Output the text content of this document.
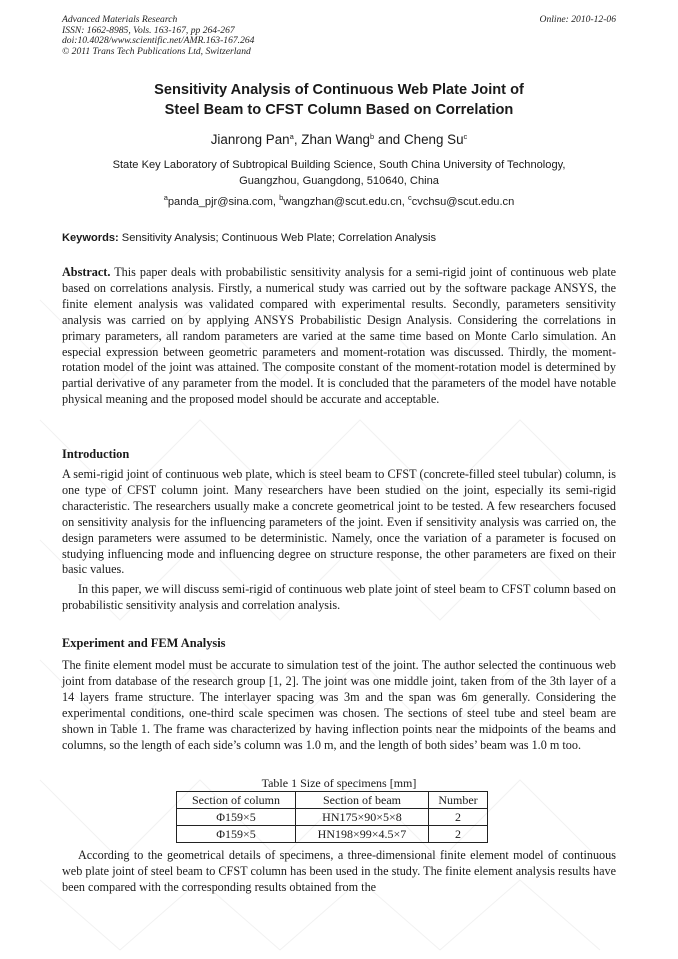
Advanced Materials Research
ISSN: 1662-8985, Vols. 163-167, pp 264-267
doi:10.4028/www.scientific.net/AMR.163-167.264
© 2011 Trans Tech Publications Ltd, Switzerland
Online: 2010-12-06
Sensitivity Analysis of Continuous Web Plate Joint of
Steel Beam to CFST Column Based on Correlation
Jianrong Pan$^a$, Zhan Wang$^b$ and Cheng Su$^c$
State Key Laboratory of Subtropical Building Science, South China University of Technology,
Guangzhou, Guangdong, 510640, China
$^a$panda_pjr@sina.com, $^b$wangzhan@scut.edu.cn, $^c$cvchsu@scut.edu.cn
Keywords: Sensitivity Analysis; Continuous Web Plate; Correlation Analysis

Abstract. This paper deals with probabilistic sensitivity analysis for a semi-rigid joint of continuous web plate based on correlations analysis. Firstly, a numerical study was carried out by the software package ANSYS, the finite element analysis was validated compared with experimental results. Secondly, parameters sensitivity analysis was carried on by applying ANSYS Probabilistic Design Analysis. Considering the correlations in primary parameters, all random parameters are varied at the same time based on Monte Carlo simulation. An especial expression between geometric parameters and moment-rotation was discussed. Thirdly, the moment-rotation model of the joint was attained. The composite constant of the moment-rotation model is determined by partial derivative of any parameter from the model. It is concluded that the parameters of the model have notable physical meaning and the proposed model should be accurate and acceptable.

Introduction

A semi-rigid joint of continuous web plate, which is steel beam to CFST (concrete-filled steel tubular) column, is one type of CFST column joint. Many researchers have been studied on the joint, especially its semi-rigid characteristic. The researchers usually make a concrete geometrical joint to be tested. A few researchers focused on sensitivity analysis for the influencing parameters of the joint. Even if sensitivity analysis was carried on, the design parameters were assumed to be deterministic. Namely, once the variation of a parameter is focused on studying influencing mode and influencing degree on structure response, the other parameters are fixed on their basic values.

In this paper, we will discuss semi-rigid of continuous web plate joint of steel beam to CFST column based on probabilistic sensitivity analysis and correlation analysis.

Experiment and FEM Analysis

The finite element model must be accurate to simulation test of the joint. The author selected the continuous web joint from database of the research group [1, 2]. The joint was one middle joint, taken from of the 3th layer of a 14 layers frame structure. The interlayer spacing was 3m and the span was 6m generally. Considering the experimental conditions, one-third scale specimen was chosen. The sections of steel tube and steel beam are shown in Table 1. The frame was characterized by having inflection points near the midpoints of the beams and columns, so the length of each side’s column was 1.0 m, and the length of both sides’ beam was 1.0 m too.

Table 1 Size of specimens [mm]
Section of column	Section of beam	Number
Φ159×5	HN175×90×5×8	2
Φ159×5	HN198×99×4.5×7	2

According to the geometrical details of specimens, a three-dimensional finite element model of continuous web plate joint of steel beam to CFST column has been used in the study. The finite element analysis results have been compared with the corresponding results obtained from the
